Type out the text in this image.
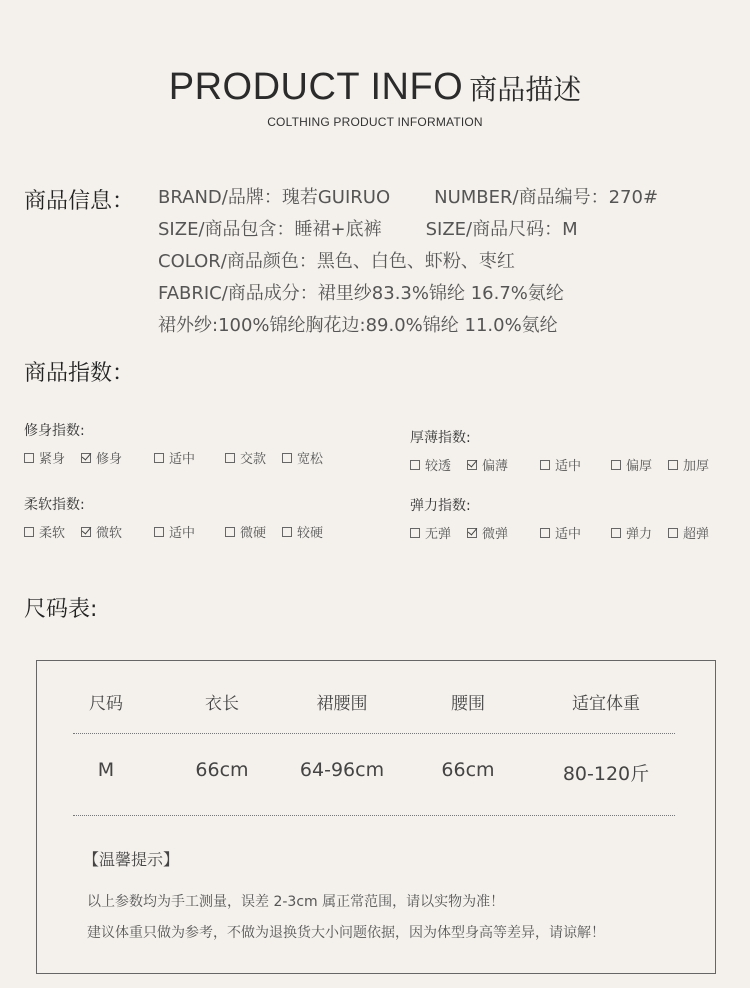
PRODUCT INFO 商品描述
COLTHING PRODUCT INFORMATION
商品信息： BRAND/品牌：瑰若GUIRUO NUMBER/商品编号：270#
SIZE/商品包含：睡裙+底裤 SIZE/商品尺码：M
COLOR/商品颜色：黑色、白色、虾粉、枣红
FABRIC/商品成分：裙里纱83.3%锦纶 16.7%氨纶
裙外纱:100%锦纶胸花边:89.0%锦纶 11.0%氨纶
商品指数：
修身指数:
紧身 修身	适中	交款 宽松
厚薄指数:
较透 偏薄	适中	偏厚 加厚
柔软指数:
柔软 微软	适中	微硬 较硬
弹力指数:
无弹 微弹	适中	弹力 超弹
尺码表:
尺码	衣长	裙腰围	腰围	适宜体重
M	66cm	64-96cm	66cm	80-120斤
【温馨提示】
以上参数均为手工测量，误差 2-3cm 属正常范围，请以实物为准！
建议体重只做为参考，不做为退换货大小问题依据，因为体型身高等差异，请谅解！
